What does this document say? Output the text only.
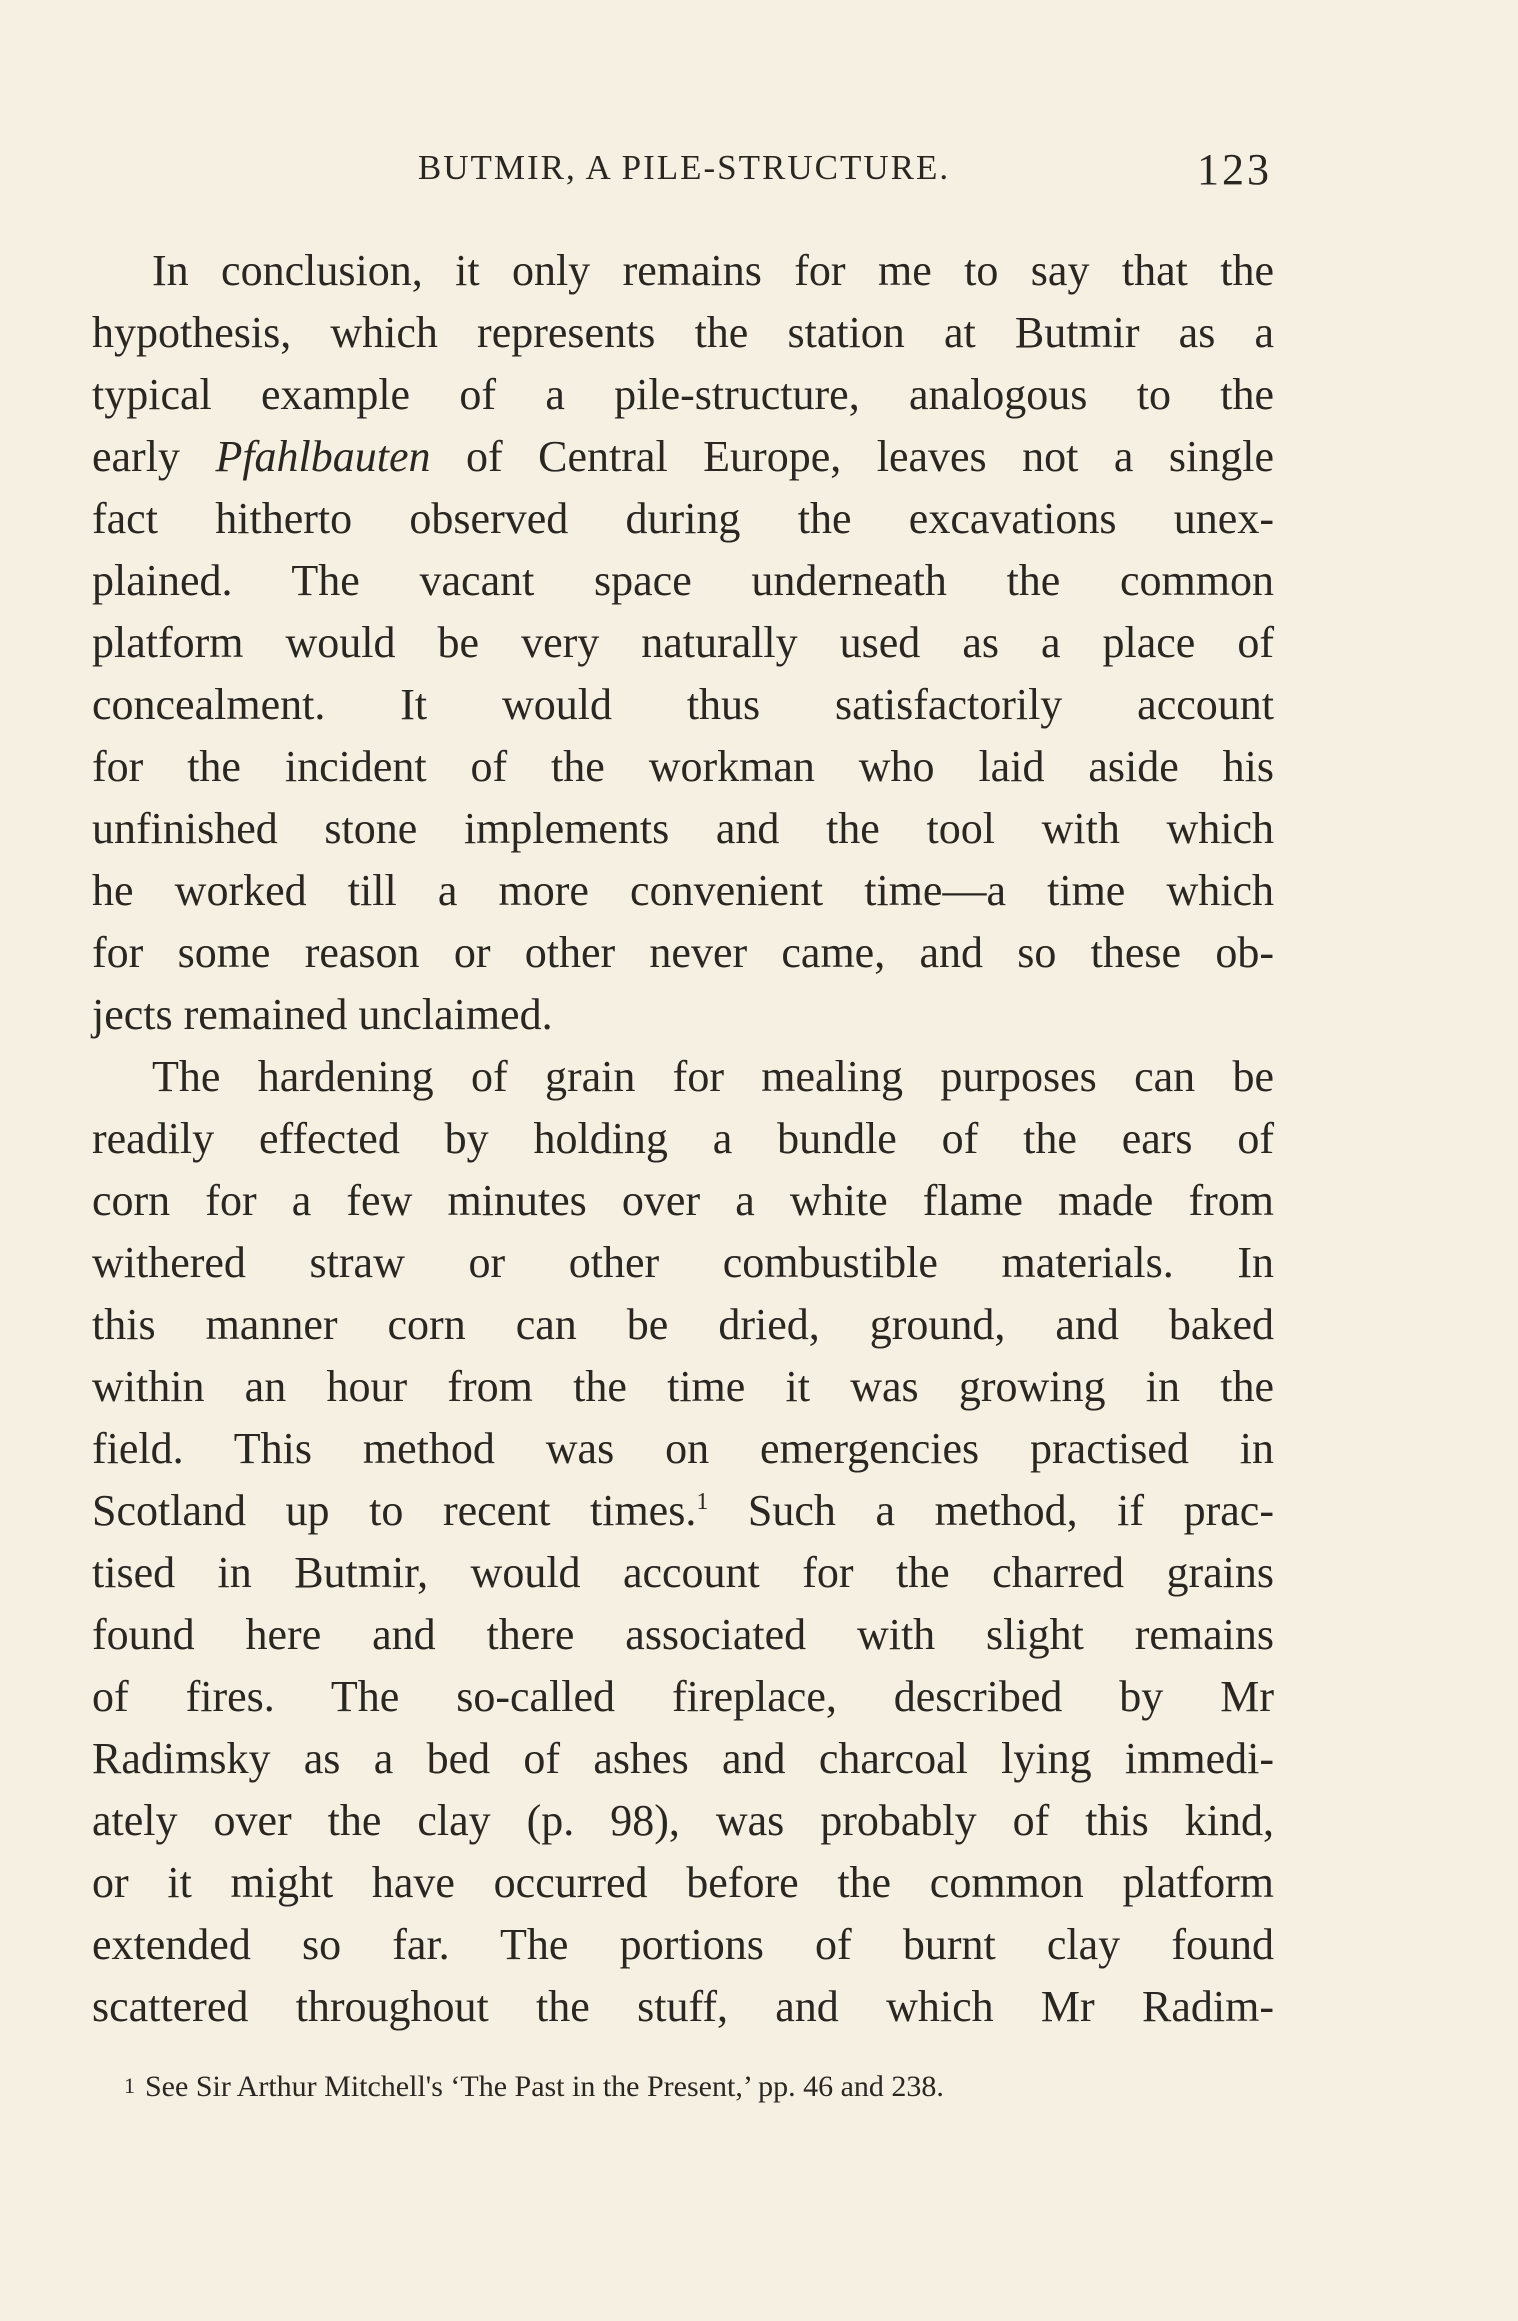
BUTMIR, A PILE-STRUCTURE.	123
In conclusion, it only remains for me to say that the
hypothesis, which represents the station at Butmir as a
typical example of a pile-structure, analogous to the
early Pfahlbauten of Central Europe, leaves not a single
fact hitherto observed during the excavations unex-
plained. The vacant space underneath the common
platform would be very naturally used as a place of
concealment. It would thus satisfactorily account
for the incident of the workman who laid aside his
unfinished stone implements and the tool with which
he worked till a more convenient time—a time which
for some reason or other never came, and so these ob-
jects remained unclaimed.
The hardening of grain for mealing purposes can be
readily effected by holding a bundle of the ears of
corn for a few minutes over a white flame made from
withered straw or other combustible materials. In
this manner corn can be dried, ground, and baked
within an hour from the time it was growing in the
field. This method was on emergencies practised in
Scotland up to recent times.$^1$ Such a method, if prac-
tised in Butmir, would account for the charred grains
found here and there associated with slight remains
of fires. The so-called fireplace, described by Mr
Radimsky as a bed of ashes and charcoal lying immedi-
ately over the clay (p. 98), was probably of this kind,
or it might have occurred before the common platform
extended so far. The portions of burnt clay found
scattered throughout the stuff, and which Mr Radim-
1 See Sir Arthur Mitchell's ‘The Past in the Present,’ pp. 46 and 238.
